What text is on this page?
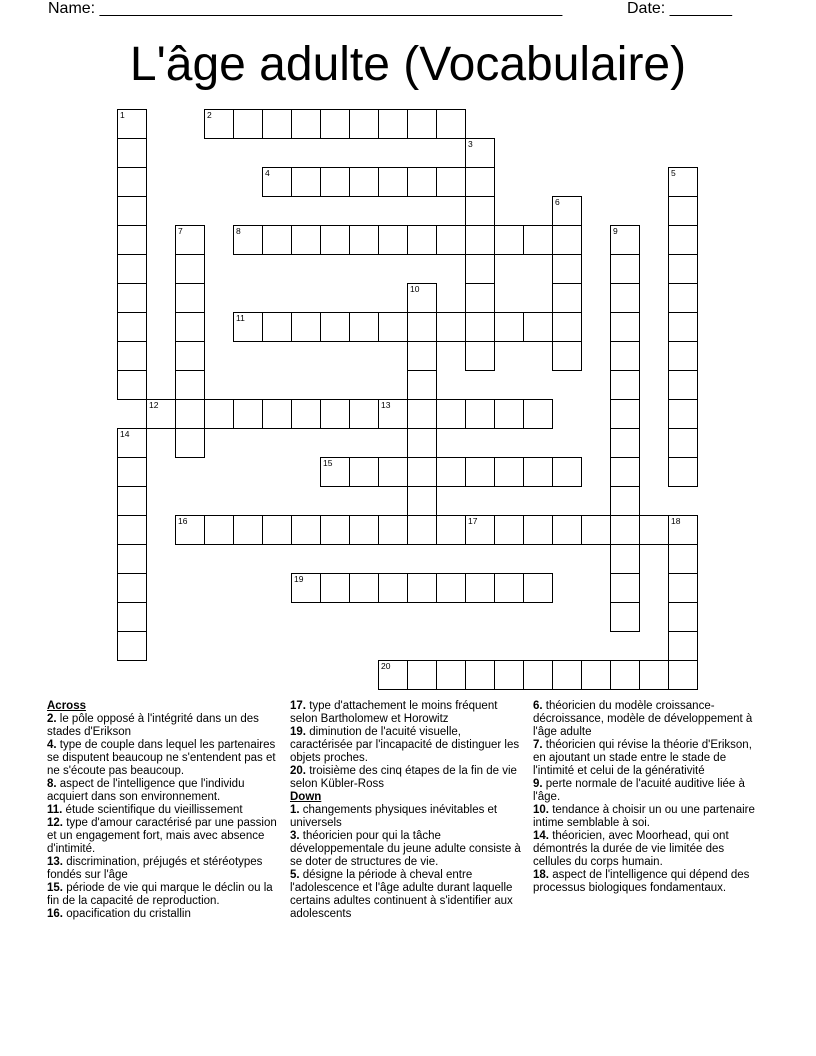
Name: ____________________________________________________	Date: _______
L'âge adulte (Vocabulaire)
2
4
8
11
12	13
15
16	17	18
19
20
1
3
5
6
7	9
10
14
Across
2. le pôle opposé à l'intégrité dans un des stades d'Erikson
4. type de couple dans lequel les partenaires se disputent beaucoup ne s'entendent pas et ne s'écoute pas beaucoup.
8. aspect de l'intelligence que l'individu acquiert dans son environnement.
11. étude scientifique du vieillissement
12. type d'amour caractérisé par une passion et un engagement fort, mais avec absence d'intimité.
13. discrimination, préjugés et stéréotypes fondés sur l'âge
15. période de vie qui marque le déclin ou la fin de la capacité de reproduction.
16. opacification du cristallin
17. type d'attachement le moins fréquent selon Bartholomew et Horowitz
19. diminution de l'acuité visuelle, caractérisée par l'incapacité de distinguer les objets proches.
20. troisième des cinq étapes de la fin de vie selon Kübler-Ross
Down
1. changements physiques inévitables et universels
3. théoricien pour qui la tâche développementale du jeune adulte consiste à se doter de structures de vie.
5. désigne la période à cheval entre l'adolescence et l'âge adulte durant laquelle certains adultes continuent à s'identifier aux adolescents
6. théoricien du modèle croissance-décroissance, modèle de développement à l'âge adulte
7. théoricien qui révise la théorie d'Erikson, en ajoutant un stade entre le stade de l'intimité et celui de la générativité
9. perte normale de l'acuité auditive liée à l'âge.
10. tendance à choisir un ou une partenaire intime semblable à soi.
14. théoricien, avec Moorhead, qui ont démontrés la durée de vie limitée des cellules du corps humain.
18. aspect de l'intelligence qui dépend des processus biologiques fondamentaux.
